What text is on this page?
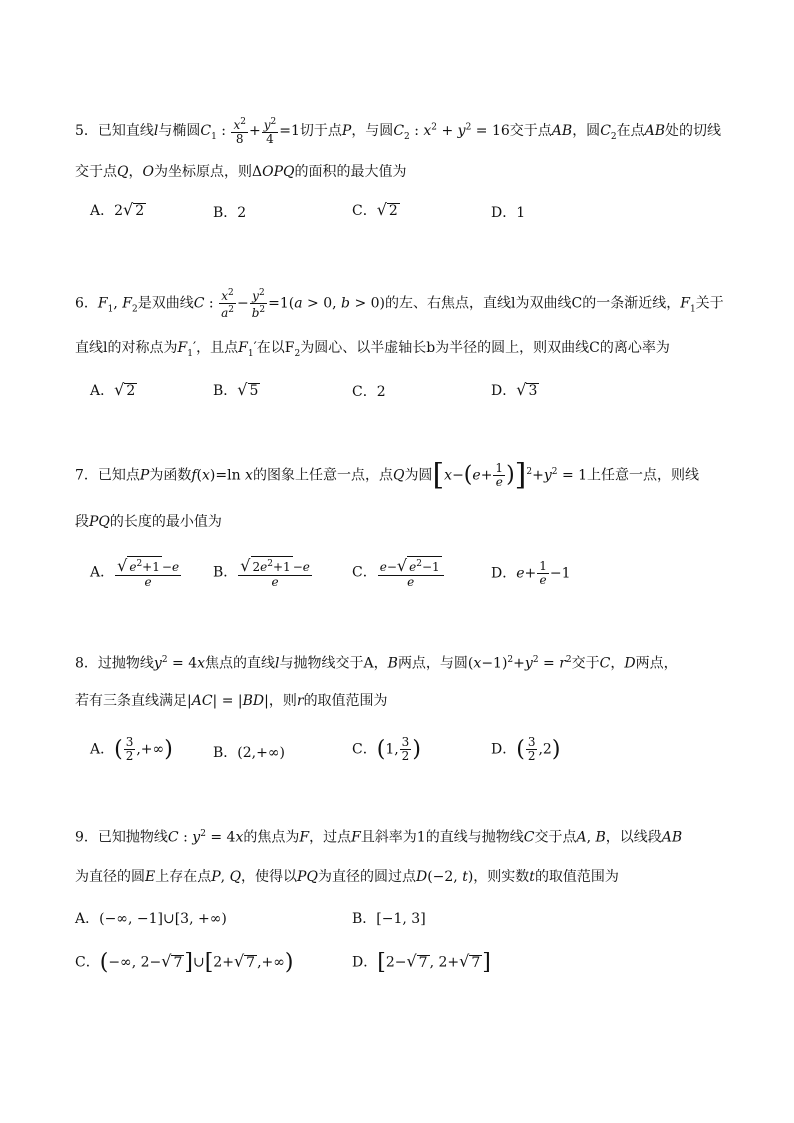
5．已知直线l与椭圆$C_1$ : $\frac{x^2}{8} + \frac{y^2}{4} =1$切于点P，与圆$C_2$ : $x^2 + y^2 = 16$交于点AB，圆$C_2$在点AB处的切线
交于点Q，O为坐标原点，则ΔOPQ的面积的最大值为
A．2√ 2	B．2	C．√ 2	D．1
6．$F_1$, $F_2$是双曲线C : $\frac{x^2}{a^2} - \frac{y^2}{b^2} =1(a > 0$, b > 0)的左、右焦点，直线l为双曲线C的一条渐近线，$F_1$关于
直线l的对称点为$F_1'$，且点$F_1'$在以$F_2$为圆心、以半虚轴长b为半径的圆上，则双曲线C的离心率为
A．√ 2	B．√ 5	C．2	D．√ 3
7．已知点P为函数f(x)=ln x的图象上任意一点，点Q为圆$[x-(e+ \frac{1}{e} )]^2+y^2 = 1$上任意一点，则线
段PQ的长度的最小值为
A． $\frac{√ e^2+1 -e}{e}$ B． $\frac{√ 2e^2+1 -e}{e}$	C． $\frac{e-√ e^2-1}{e}$	D．$e+ \frac{1}{e} -1$
8．过抛物线$y^2 = 4x$焦点的直线l与抛物线交于A，B两点，与圆$(x-1)^2+y^2 = r^2$交于C，D两点，
若有三条直线满足|AC| = |BD|，则r的取值范围为
A．( $\frac{3}{2}$ ,+∞)	B．(2,+∞)	C．(1, $\frac{3}{2}$ )	D．( $\frac{3}{2} ,2$)
9．已知抛物线C : $y^2 = 4x$的焦点为F，过点F且斜率为1的直线与抛物线C交于点A, B，以线段AB
为直径的圆E上存在点P, Q，使得以PQ为直径的圆过点D(−2, t)，则实数t的取值范围为
A．(−∞, −1]∪[3, +∞)	B．[−1, 3]
C．(−∞, 2−√ 7]∪[2+√ 7 ,+∞)	D．[2−√ 7 , 2+√ 7]
